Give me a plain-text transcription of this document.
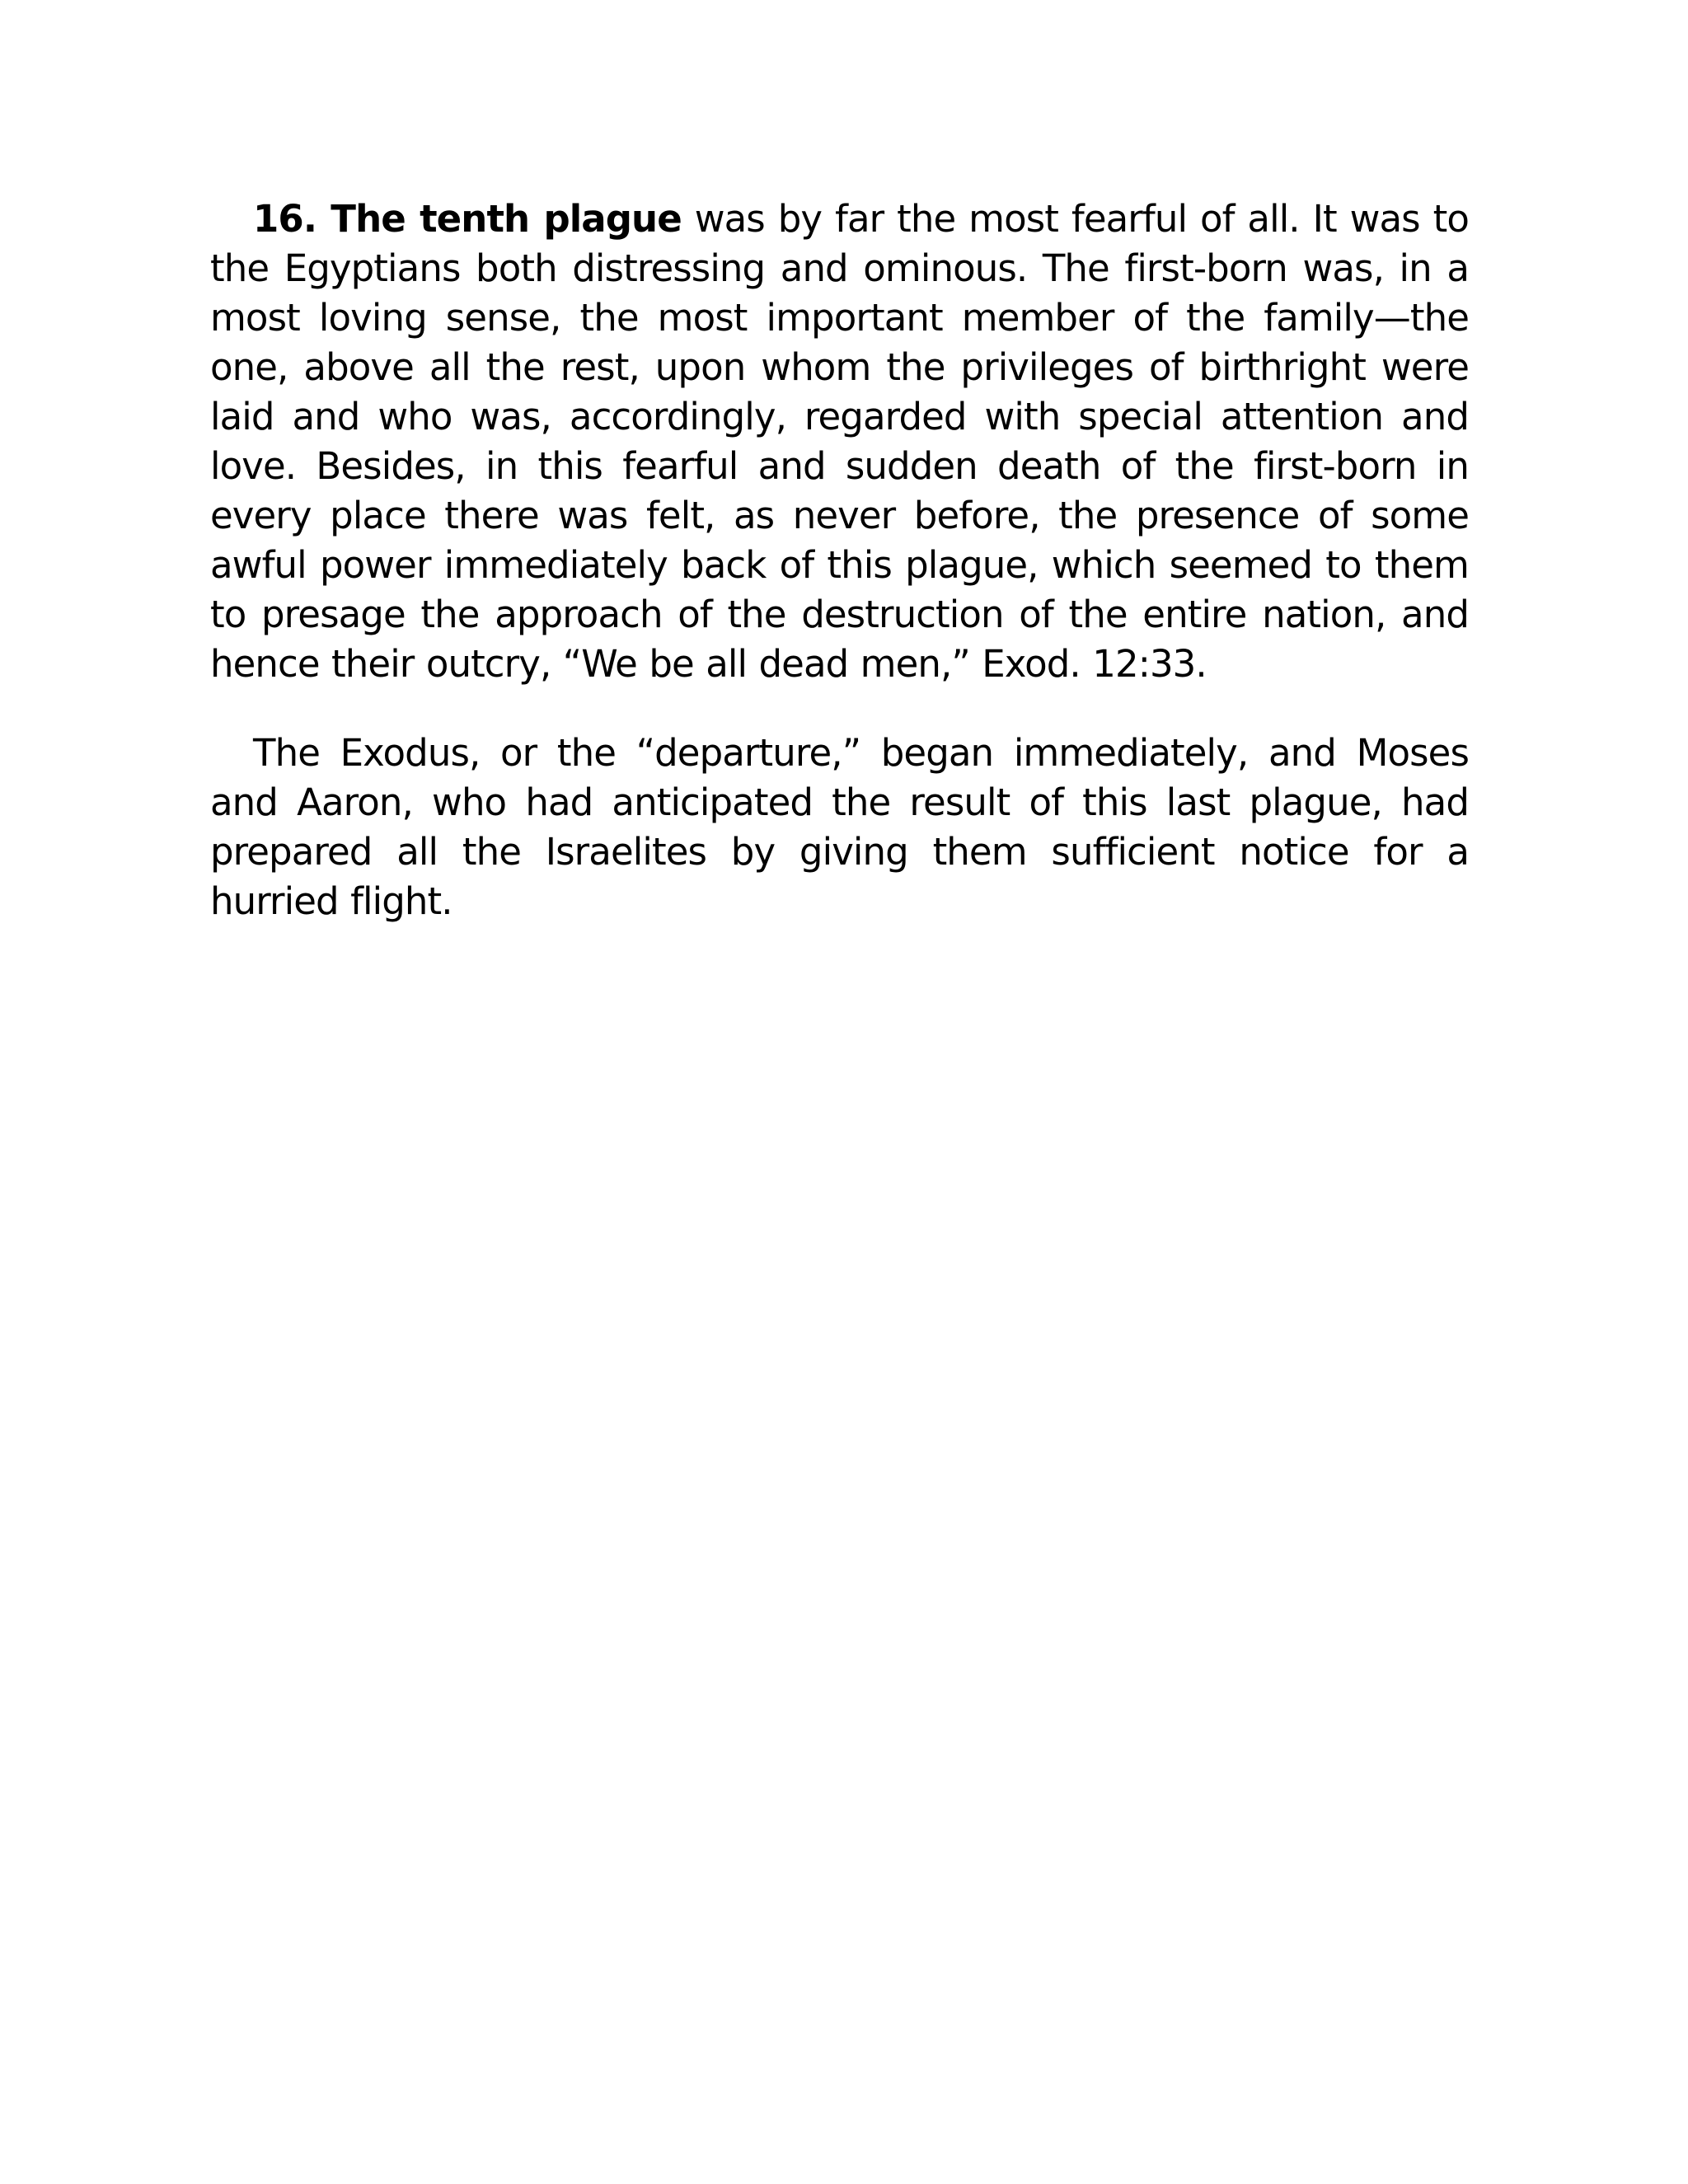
16. The tenth plague was by far the most fearful of all. It was to the Egyptians both distressing and ominous. The first-born was, in a most loving sense, the most important member of the family—the one, above all the rest, upon whom the privileges of birthright were laid and who was, accordingly, regarded with special attention and love. Besides, in this fearful and sudden death of the first-born in every place there was felt, as never before, the presence of some awful power immediately back of this plague, which seemed to them to presage the approach of the destruction of the entire nation, and hence their outcry, “We be all dead men,” Exod. 12:33.

The Exodus, or the “departure,” began immediately, and Moses and Aaron, who had anticipated the result of this last plague, had prepared all the Israelites by giving them sufficient notice for a hurried flight.
